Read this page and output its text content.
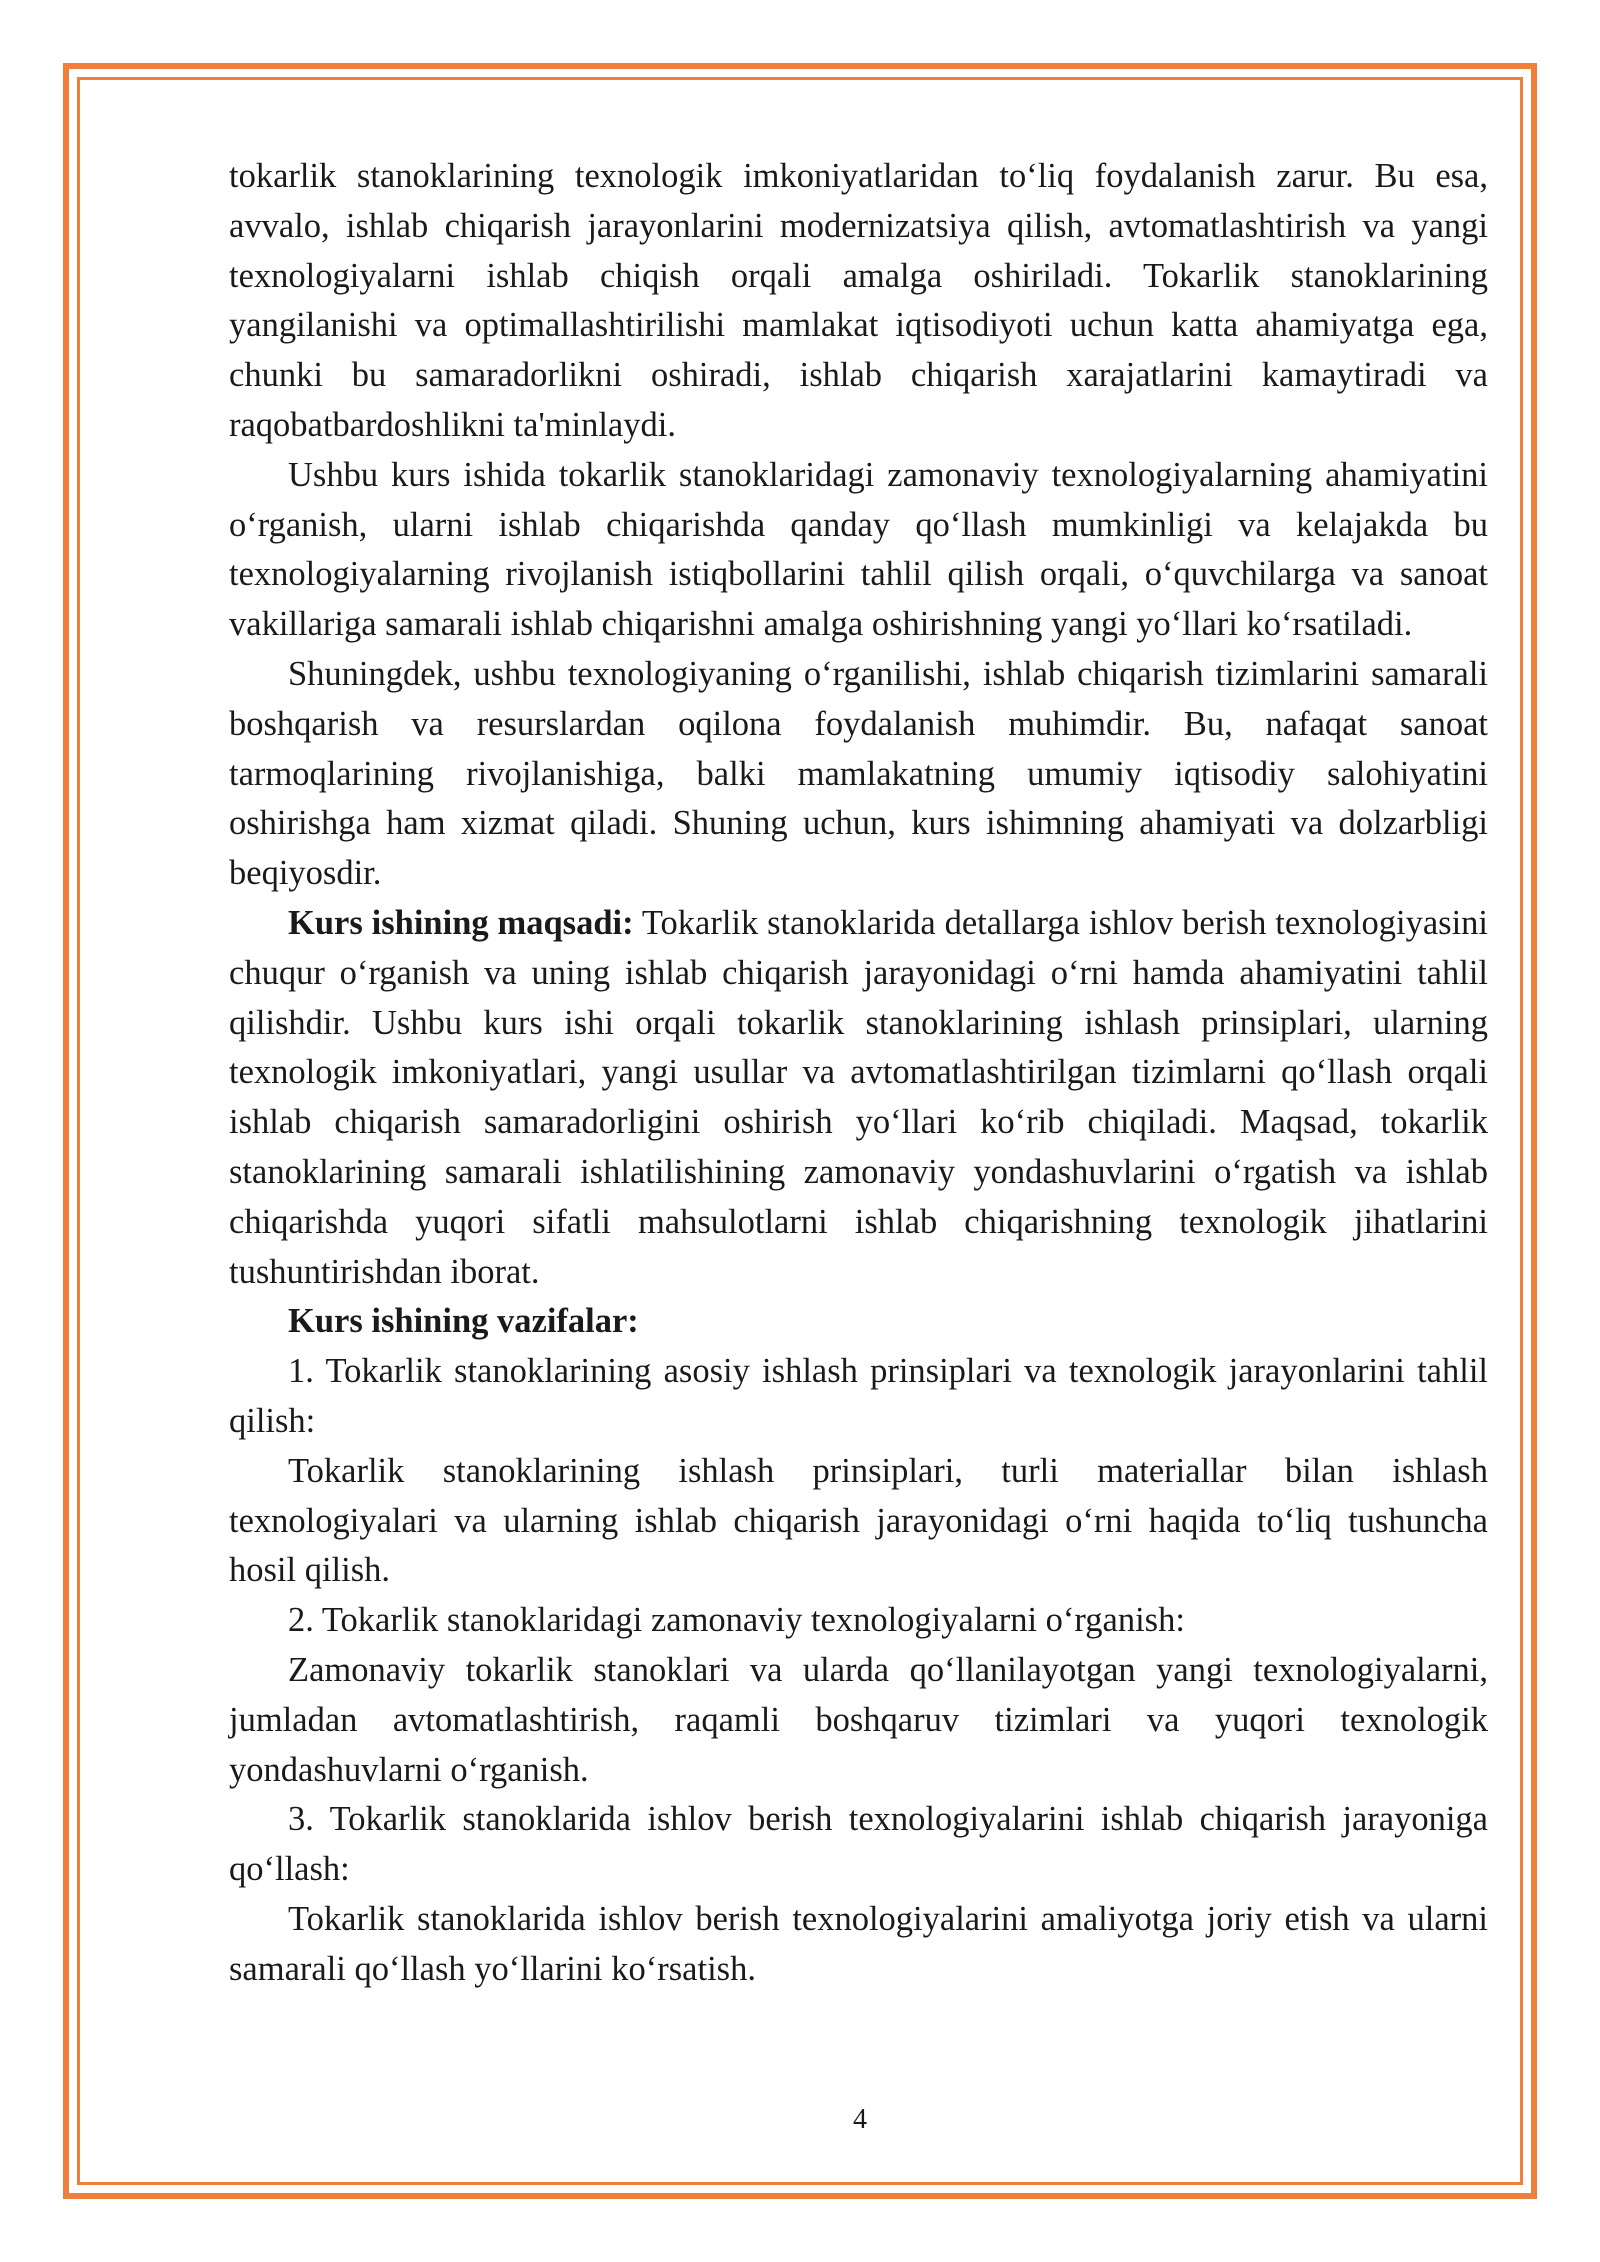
tokarlik stanoklarining texnologik imkoniyatlaridan to‘liq foydalanish zarur. Bu esa, avvalo, ishlab chiqarish jarayonlarini modernizatsiya qilish, avtomatlashtirish va yangi texnologiyalarni ishlab chiqish orqali amalga oshiriladi. Tokarlik stanoklarining yangilanishi va optimallashtirilishi mamlakat iqtisodiyoti uchun katta ahamiyatga ega, chunki bu samaradorlikni oshiradi, ishlab chiqarish xarajatlarini kamaytiradi va raqobatbardoshlikni ta'minlaydi.

Ushbu kurs ishida tokarlik stanoklaridagi zamonaviy texnologiyalarning ahamiyatini o‘rganish, ularni ishlab chiqarishda qanday qo‘llash mumkinligi va kelajakda bu texnologiyalarning rivojlanish istiqbollarini tahlil qilish orqali, o‘quvchilarga va sanoat vakillariga samarali ishlab chiqarishni amalga oshirishning yangi yo‘llari ko‘rsatiladi.

Shuningdek, ushbu texnologiyaning o‘rganilishi, ishlab chiqarish tizimlarini samarali boshqarish va resurslardan oqilona foydalanish muhimdir. Bu, nafaqat sanoat tarmoqlarining rivojlanishiga, balki mamlakatning umumiy iqtisodiy salohiyatini oshirishga ham xizmat qiladi. Shuning uchun, kurs ishimning ahamiyati va dolzarbligi beqiyosdir.

Kurs ishining maqsadi: Tokarlik stanoklarida detallarga ishlov berish texnologiyasini chuqur o‘rganish va uning ishlab chiqarish jarayonidagi o‘rni hamda ahamiyatini tahlil qilishdir. Ushbu kurs ishi orqali tokarlik stanoklarining ishlash prinsiplari, ularning texnologik imkoniyatlari, yangi usullar va avtomatlashtirilgan tizimlarni qo‘llash orqali ishlab chiqarish samaradorligini oshirish yo‘llari ko‘rib chiqiladi. Maqsad, tokarlik stanoklarining samarali ishlatilishining zamonaviy yondashuvlarini o‘rgatish va ishlab chiqarishda yuqori sifatli mahsulotlarni ishlab chiqarishning texnologik jihatlarini tushuntirishdan iborat.

Kurs ishining vazifalar:

1. Tokarlik stanoklarining asosiy ishlash prinsiplari va texnologik jarayonlarini tahlil qilish:

Tokarlik stanoklarining ishlash prinsiplari, turli materiallar bilan ishlash texnologiyalari va ularning ishlab chiqarish jarayonidagi o‘rni haqida to‘liq tushuncha hosil qilish.

2. Tokarlik stanoklaridagi zamonaviy texnologiyalarni o‘rganish:

Zamonaviy tokarlik stanoklari va ularda qo‘llanilayotgan yangi texnologiyalarni, jumladan avtomatlashtirish, raqamli boshqaruv tizimlari va yuqori texnologik yondashuvlarni o‘rganish.

3. Tokarlik stanoklarida ishlov berish texnologiyalarini ishlab chiqarish jarayoniga qo‘llash:

Tokarlik stanoklarida ishlov berish texnologiyalarini amaliyotga joriy etish va ularni samarali qo‘llash yo‘llarini ko‘rsatish.

4
